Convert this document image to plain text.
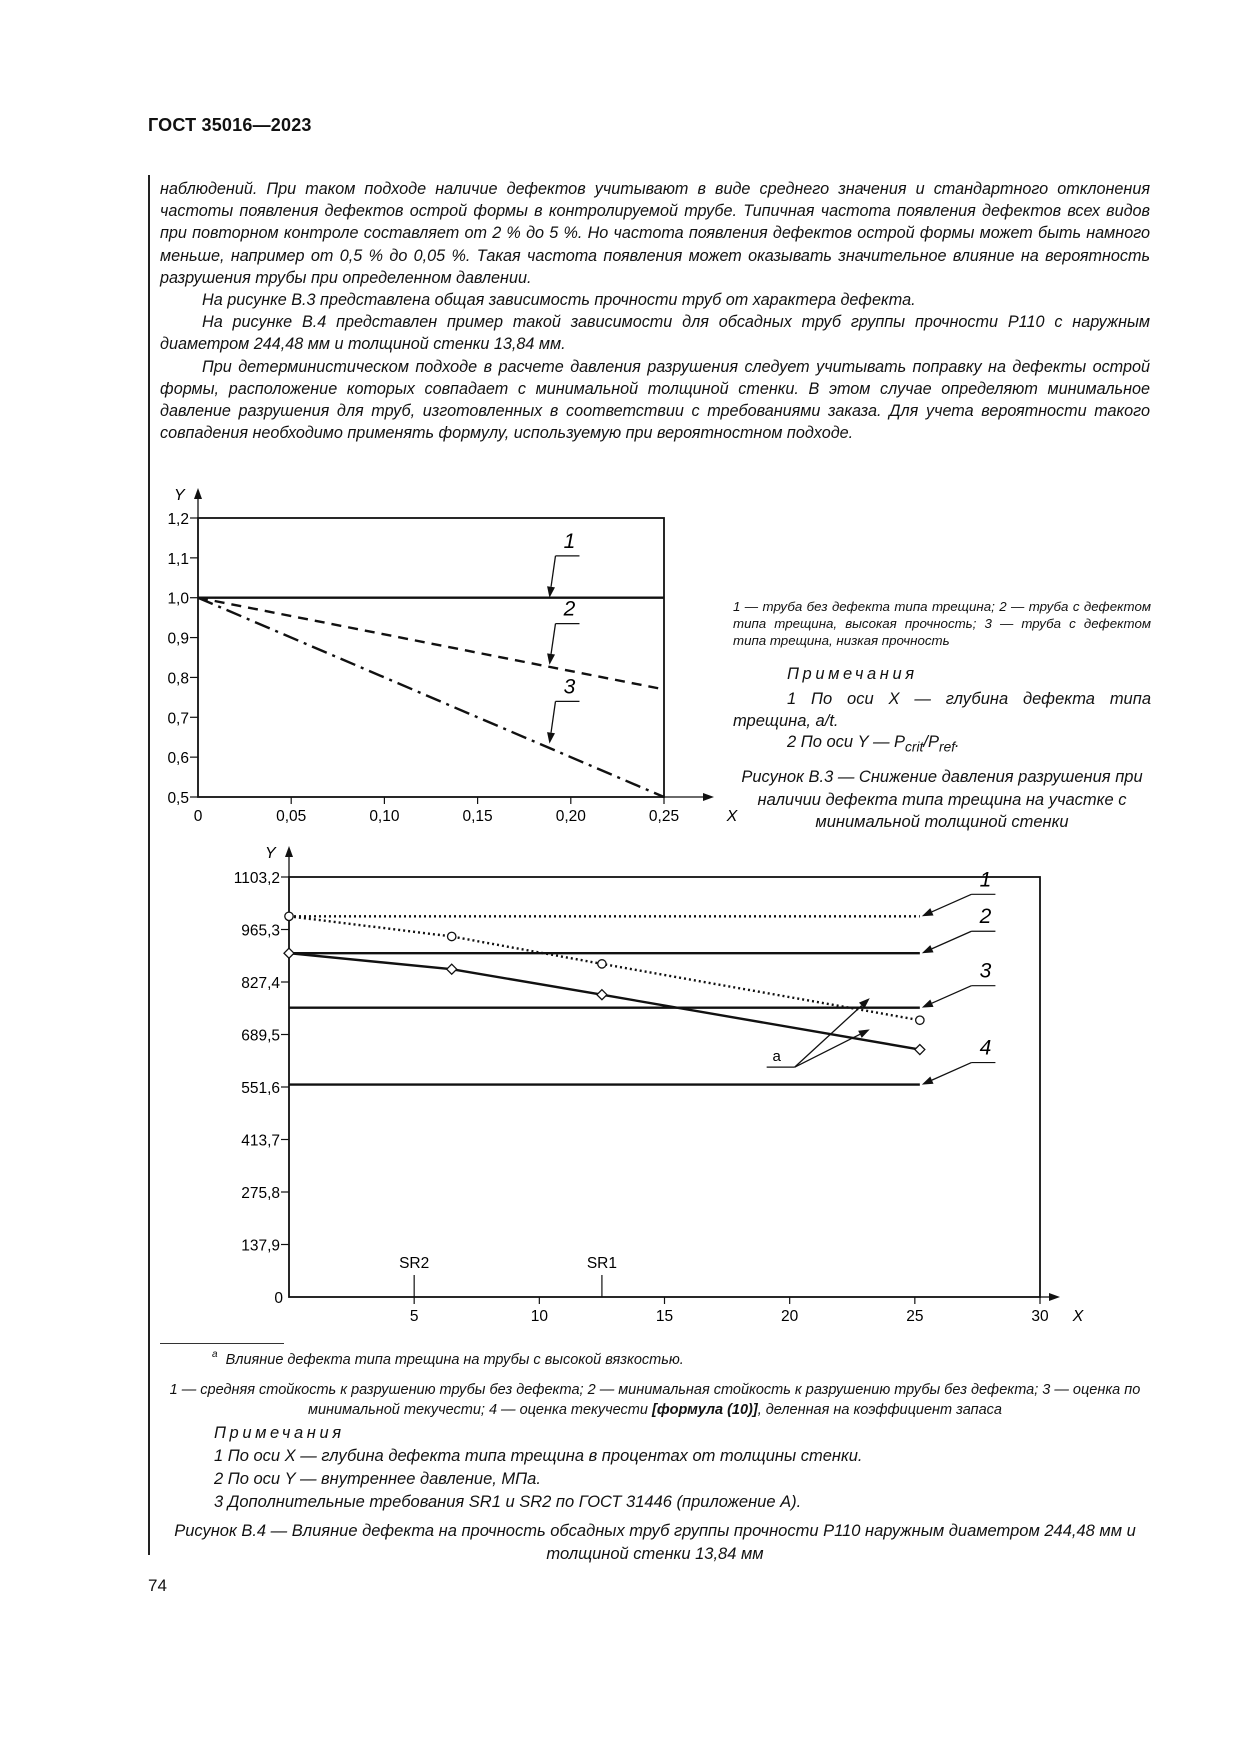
ГОСТ 35016—2023

наблюдений. При таком подходе наличие дефектов учитывают в виде среднего значения и стандартного отклонения частоты появления дефектов острой формы в контролируемой трубе. Типичная частота появления дефектов всех видов при повторном контроле составляет от 2 % до 5 %. Но частота появления дефектов острой формы может быть намного меньше, например от 0,5 % до 0,05 %. Такая частота появления может оказывать значительное влияние на вероятность разрушения трубы при определенном давлении.

На рисунке В.3 представлена общая зависимость прочности труб от характера дефекта.

На рисунке В.4 представлен пример такой зависимости для обсадных труб группы прочности Р110 с наружным диаметром 244,48 мм и толщиной стенки 13,84 мм.

При детерминистическом подходе в расчете давления разрушения следует учитывать поправку на дефекты острой формы, расположение которых совпадает с минимальной толщиной стенки. В этом случае определяют минимальное давление разрушения для труб, изготовленных в соответствии с требованиями заказа. Для учета вероятности такого совпадения необходимо применять формулу, используемую при вероятностном подходе.

Y
X
0,5
0,6
0,7
0,8
0,9
1,0
1,1
1,2
0	0,05	0,10	0,15	0,20	0,25
1
2
3
Y
X
137,9
275,8
413,7
551,6
689,5
827,4
965,3
1103,2
5	10	15	20	25	30
0
SR2	SR1
1
2
3
4
a
1 — труба без дефекта типа трещина; 2 — труба с дефектом типа трещина, высокая прочность; 3 — труба с дефектом типа трещина, низкая прочность
Примечания
1 По оси X — глубина дефекта типа трещина, a/t.
2 По оси Y — $P_{crit}/P_{ref}$.
Рисунок В.3 — Снижение давления разрушения при наличии дефекта типа трещина на участке с минимальной толщиной стенки
$^a$ Влияние дефекта типа трещина на трубы с высокой вязкостью.
1 — средняя стойкость к разрушению трубы без дефекта; 2 — минимальная стойкость к разрушению трубы без дефекта; 3 — оценка по минимальной текучести; 4 — оценка текучести [формула (10)], деленная на коэффициент запаса
Примечания
1 По оси X — глубина дефекта типа трещина в процентах от толщины стенки.
2 По оси Y — внутреннее давление, МПа.
3 Дополнительные требования SR1 и SR2 по ГОСТ 31446 (приложение А).
Рисунок В.4 — Влияние дефекта на прочность обсадных труб группы прочности Р110 наружным диаметром 244,48 мм и толщиной стенки 13,84 мм
74
